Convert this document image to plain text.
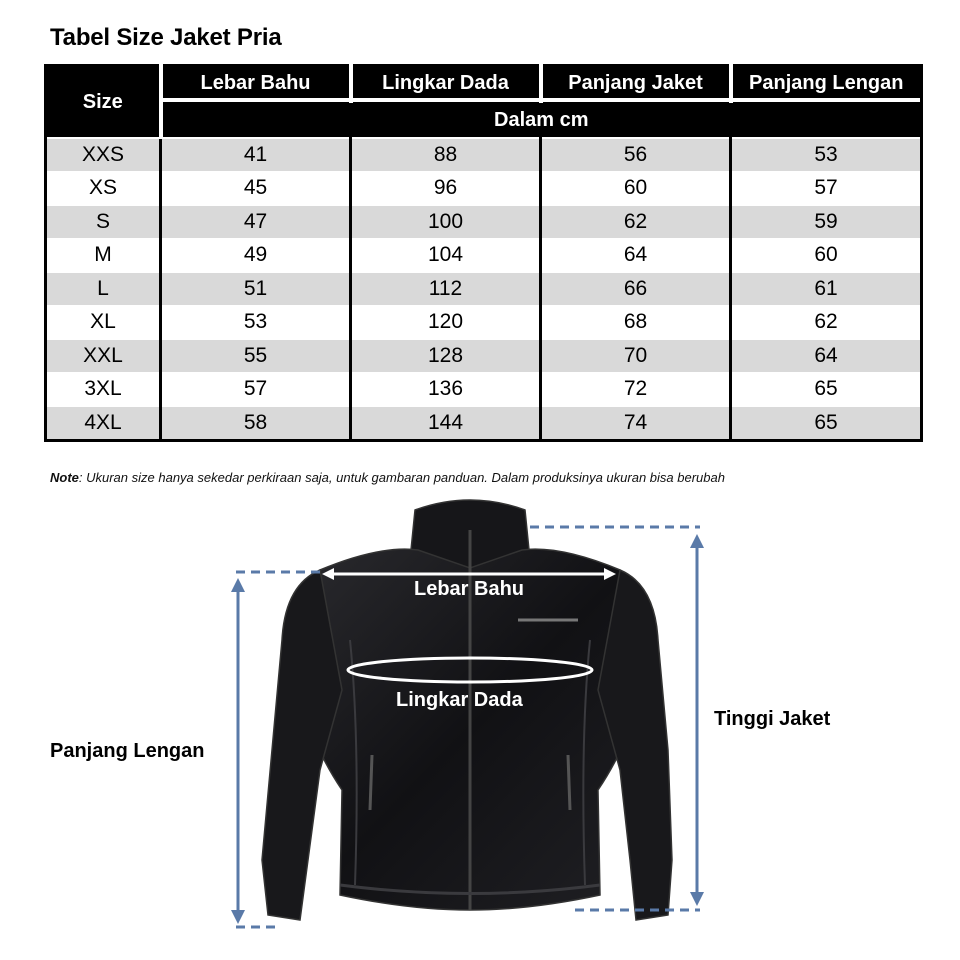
Tabel Size Jaket Pria
Size	Lebar Bahu	Lingkar Dada	Panjang Jaket	Panjang Lengan

	Dalam cm			
XXS	41	88	56	53
XS	45	96	60	57
S	47	100	62	59
M	49	104	64	60
L	51	112	66	61
XL	53	120	68	62
XXL	55	128	70	64
3XL	57	136	72	65
4XL	58	144	74	65
Note: Ukuran size hanya sekedar perkiraan saja, untuk gambaran panduan. Dalam produksinya ukuran bisa berubah
Lebar Bahu
Lingkar Dada
Tinggi Jaket
Panjang Lengan
